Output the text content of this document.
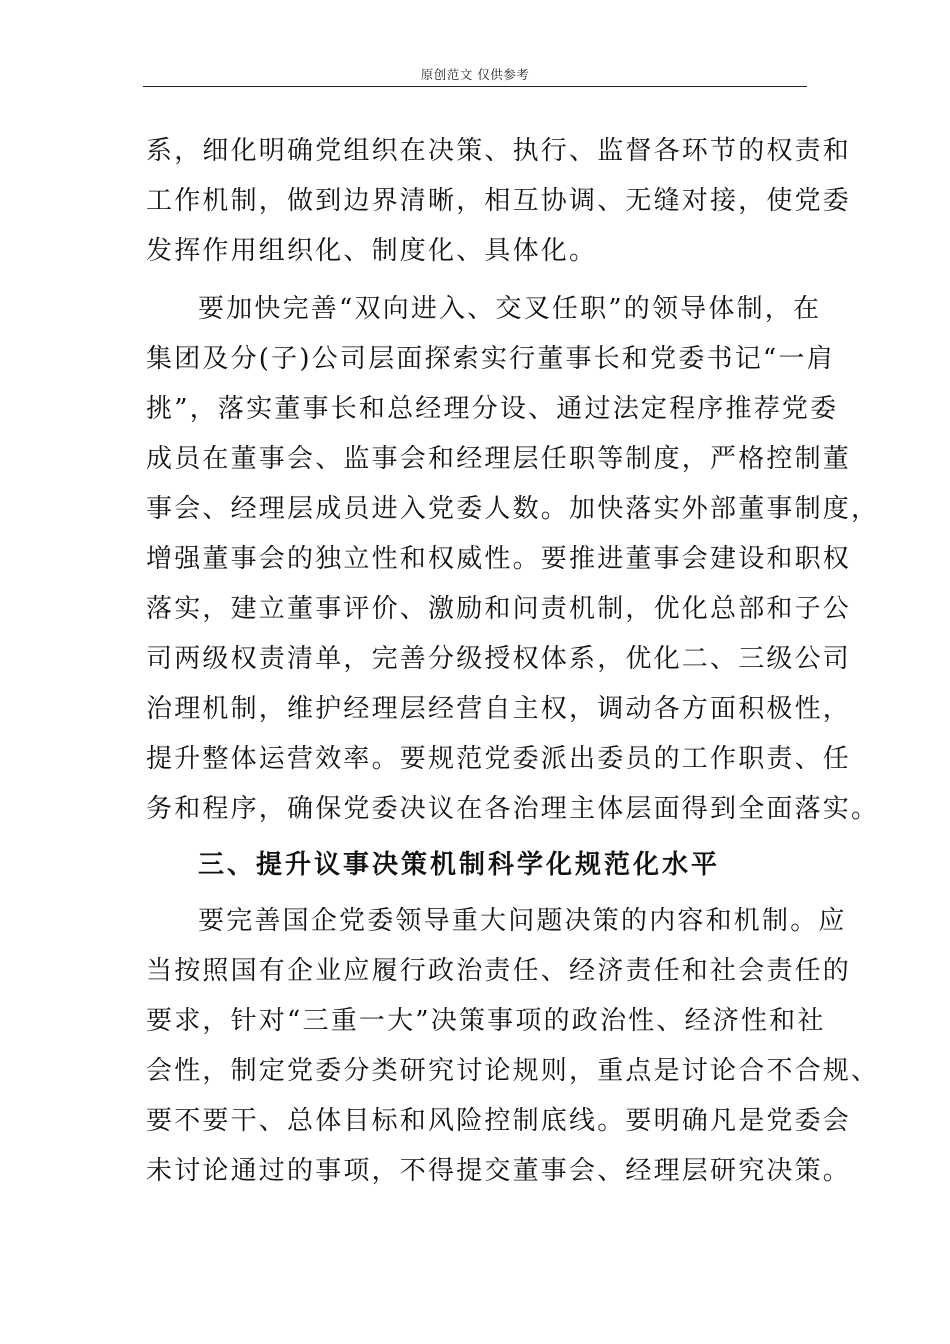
原创范文 仅供参考
系，细化明确党组织在决策、执行、监督各环节的权责和
工作机制，做到边界清晰，相互协调、无缝对接，使党委
发挥作用组织化、制度化、具体化。
要加快完善“双向进入、交叉任职”的领导体制，在
集团及分(子)公司层面探索实行董事长和党委书记“一肩
挑”，落实董事长和总经理分设、通过法定程序推荐党委
成员在董事会、监事会和经理层任职等制度，严格控制董
事会、经理层成员进入党委人数。加快落实外部董事制度，
增强董事会的独立性和权威性。要推进董事会建设和职权
落实，建立董事评价、激励和问责机制，优化总部和子公
司两级权责清单，完善分级授权体系，优化二、三级公司
治理机制，维护经理层经营自主权，调动各方面积极性，
提升整体运营效率。要规范党委派出委员的工作职责、任
务和程序，确保党委决议在各治理主体层面得到全面落实。
三、提升议事决策机制科学化规范化水平
要完善国企党委领导重大问题决策的内容和机制。应
当按照国有企业应履行政治责任、经济责任和社会责任的
要求，针对“三重一大”决策事项的政治性、经济性和社
会性，制定党委分类研究讨论规则，重点是讨论合不合规、
要不要干、总体目标和风险控制底线。要明确凡是党委会
未讨论通过的事项，不得提交董事会、经理层研究决策。
